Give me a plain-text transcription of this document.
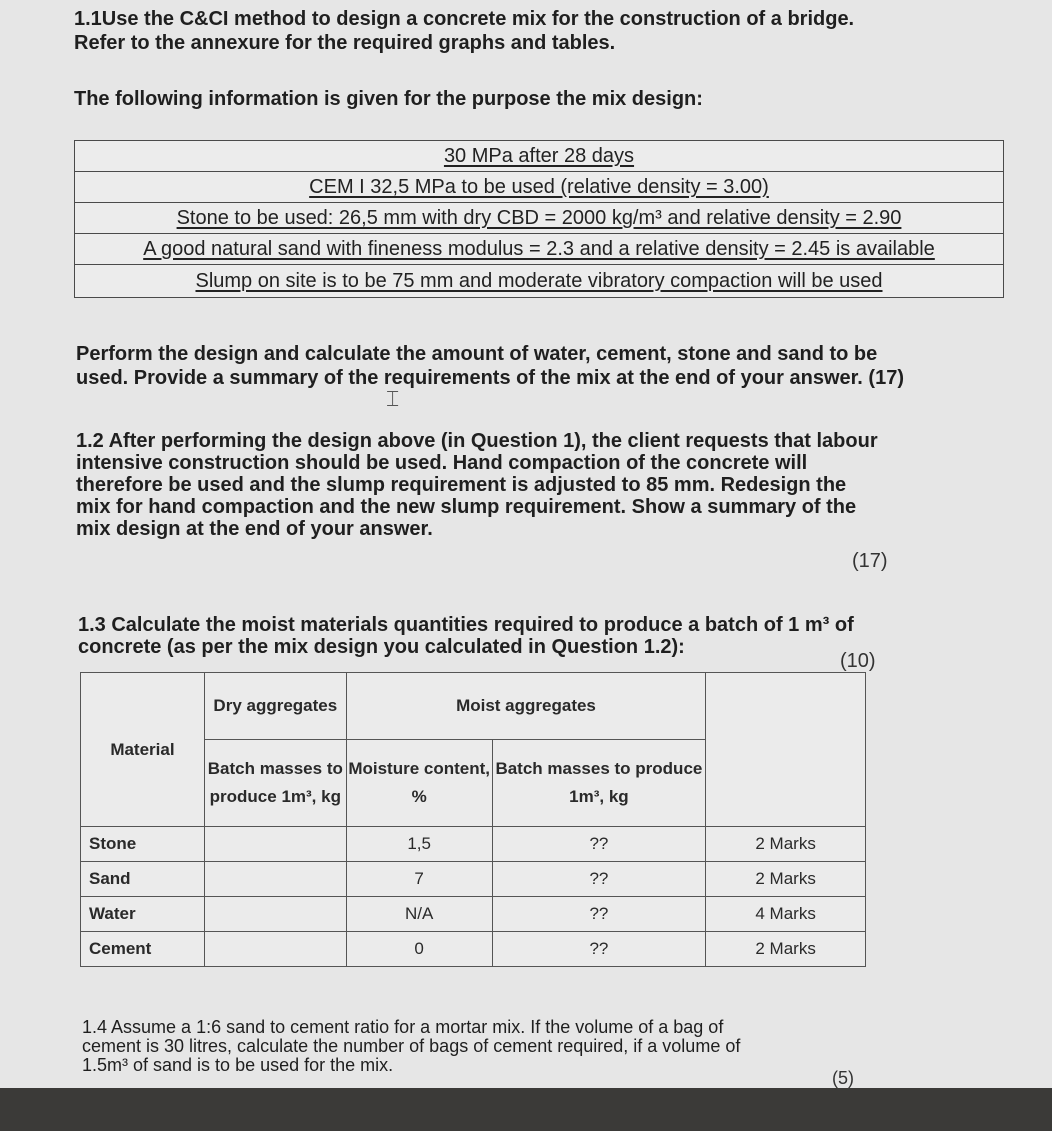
1.1Use the C&CI method to design a concrete mix for the construction of a bridge.

Refer to the annexure for the required graphs and tables.

The following information is given for the purpose the mix design:

30 MPa after 28 days
CEM I 32,5 MPa to be used (relative density = 3.00)
Stone to be used: 26,5 mm with dry CBD = 2000 kg/m³ and relative density = 2.90
A good natural sand with fineness modulus = 2.3 and a relative density = 2.45 is available
Slump on site is to be 75 mm and moderate vibratory compaction will be used

Perform the design and calculate the amount of water, cement, stone and sand to be

used. Provide a summary of the requirements of the mix at the end of your answer. (17)

⌶

1.2 After performing the design above (in Question 1), the client requests that labour

intensive construction should be used. Hand compaction of the concrete will

therefore be used and the slump requirement is adjusted to 85 mm. Redesign the

mix for hand compaction and the new slump requirement. Show a summary of the

mix design at the end of your answer.

(17)

1.3 Calculate the moist materials quantities required to produce a batch of 1 m³ of

concrete (as per the mix design you calculated in Question 1.2):

(10)
Material	Dry aggregates	Moist aggregates		
	Batch masses to produce 1m³, kg	Moisture content, %	Batch masses to produce 1m³, kg	
Stone		1,5	??	2 Marks
Sand		7	??	2 Marks
Water		N/A	??	4 Marks
Cement		0	??	2 Marks

1.4 Assume a 1:6 sand to cement ratio for a mortar mix. If the volume of a bag of

cement is 30 litres, calculate the number of bags of cement required, if a volume of

1.5m³ of sand is to be used for the mix.

(5)
